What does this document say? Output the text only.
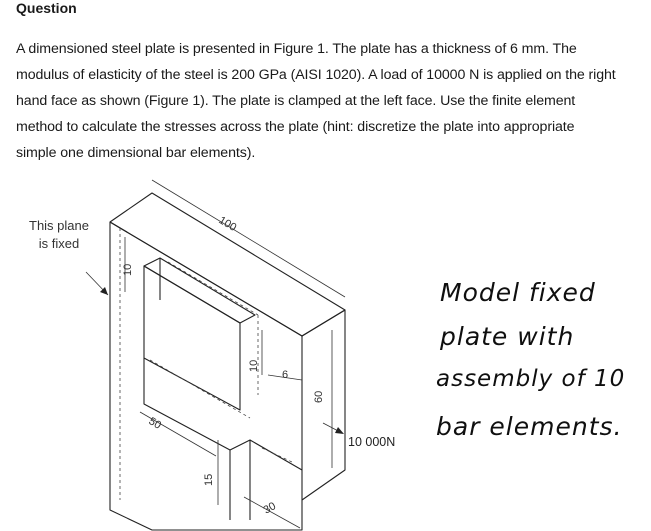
Question

A dimensioned steel plate is presented in Figure 1. The plate has a thickness of 6 mm. The modulus of elasticity of the steel is 200 GPa (AISI 1020). A load of 10000 N is applied on the right hand face as shown (Figure 1). The plate is clamped at the left face. Use the finite element method to calculate the stresses across the plate (hint: discretize the plate into appropriate simple one dimensional bar elements).

This plane
is fixed
100
10
10
6
60
50
15
30
10 000N
Model fixed
plate with
assembly of 10
bar elements.
